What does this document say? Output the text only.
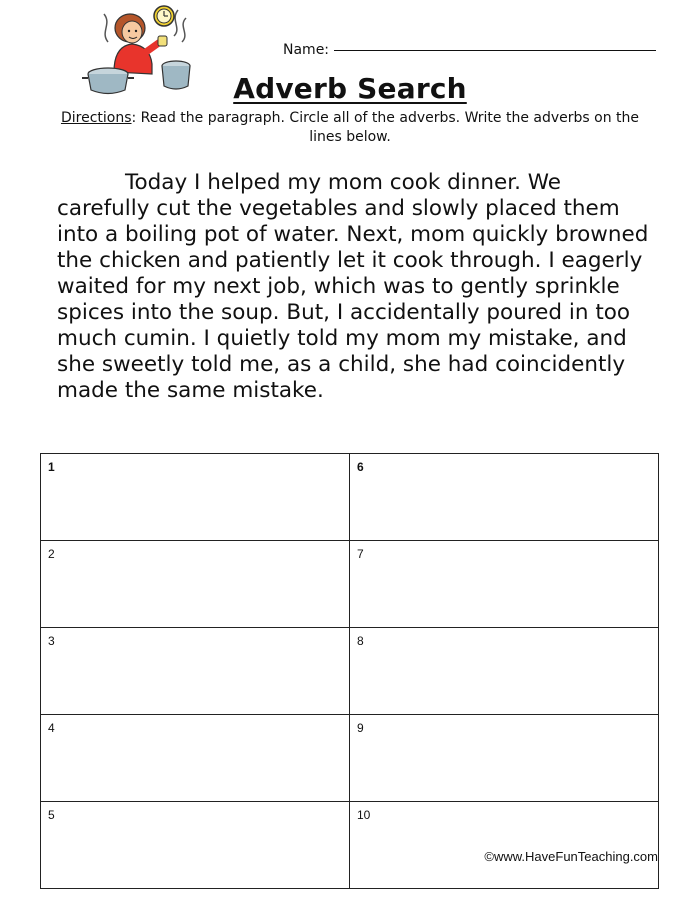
Name:
Adverb Search
Directions: Read the paragraph. Circle all of the adverbs. Write the adverbs on the lines below.

Today I helped my mom cook dinner. We carefully cut the vegetables and slowly placed them into a boiling pot of water. Next, mom quickly browned the chicken and patiently let it cook through. I eagerly waited for my next job, which was to gently sprinkle spices into the soup. But, I accidentally poured in too much cumin. I quietly told my mom my mistake, and she sweetly told me, as a child, she had coincidently made the same mistake.

1	6
2	7
3	8
4	9
5	10
©www.HaveFunTeaching.com
